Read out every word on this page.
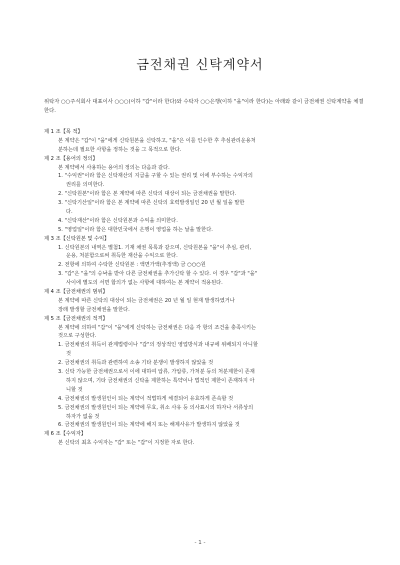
금전채권 신탁계약서
위탁자 ○○주식회사 대표이사 ○○○(이하 "갑"이라 한다)와 수탁자 ○○은행(이하 "을"이라 한다)는 아래와 같이 금전채권 신탁계약을 체결한다.
제 1 조【목 적】
본 계약은 "갑"이 "을"에게 신탁원본을 신탁하고, "을"은 이를 인수한 후 추심관리운용처
분하는데 필요한 사항을 정하는 것을 그 목적으로 한다.
제 2 조【용어의 정의】
본 계약에서 사용하는 용어의 정의는 다음과 같다.
1. "수익권"이라 함은 신탁재산의 지급을 구할 수 있는 권리 및 이에 부수하는 수익자의
권리를 의미한다.
2. "신탁원본"이라 함은 본 계약에 따른 신탁의 대상이 되는 금전채권을 말한다.
3. "신탁기산일"이라 함은 본 계약에 따른 신탁의 효력발생일인 20 년 월 일을 말한
다.
4. "신탁재산"이라 함은 신탁원본과 수익을 의미한다.
5. "영업일"이라 함은 대한민국에서 은행이 영업을 하는 날을 말한다.
제 3 조【신탁원본 및 수익】
1. 신탁원본의 내역은 별첨1. 기재 채권 목록과 같으며, 신탁원본을 "을"이 추심, 관리,
운용, 처분함으로써 취득한 재산을 수익으로 한다.
2. 전항에 의하여 수탁한 신탁원본 : 액면가액(추정액) 금 ○○○원
3. "갑"은 "을"의 승낙을 받아 다른 금전채권을 추가신탁 할 수 있다. 이 경우 "갑"과 "을"
사이에 별도의 서면 합의가 없는 사항에 대하여는 본 계약이 적용된다.
제 4 조【금전채권의 범위】
본 계약에 따른 신탁의 대상이 되는 금전채권은 20 년 월 일 현재 발생하였거나
장래 발생할 금전채권을 말한다.
제 5 조【금전채권의 적격】
본 계약에 의하여 "갑"이 "을"에게 신탁하는 금전채권은 다음 각 항의 조건을 충족시키는
것으로 구성한다.
1. 금전채권의 취득이 관계법령이나 "갑"의 정상적인 영업방식과 내규에 위배되지 아니할
것
2. 금전채권의 취득과 관련하여 소송 기타 분쟁이 발생하지 않았을 것
3. 신탁 가능한 금전채권으로서 이에 대하여 압류, 가압류, 가처분 등의 처분제한이 존재
하지 않으며, 기타 금전채권의 신탁을 제한하는 특약이나 법적인 제한이 존재하지 아
니할 것
4. 금전채권의 발생원인이 되는 계약이 적법하게 체결되어 유효하게 존속할 것
5. 금전채권의 발생원인이 되는 계약에 무효, 취소 사유 등 의사표시의 하자나 서류상의
하자가 없을 것
6. 금전채권의 발생원인이 되는 계약에 해지 또는 해제사유가 발생하지 않았을 것
제 6 조【수익자】
본 신탁의 최초 수익자는 "갑" 또는 "갑"이 지정한 자로 한다.
- 1 -
